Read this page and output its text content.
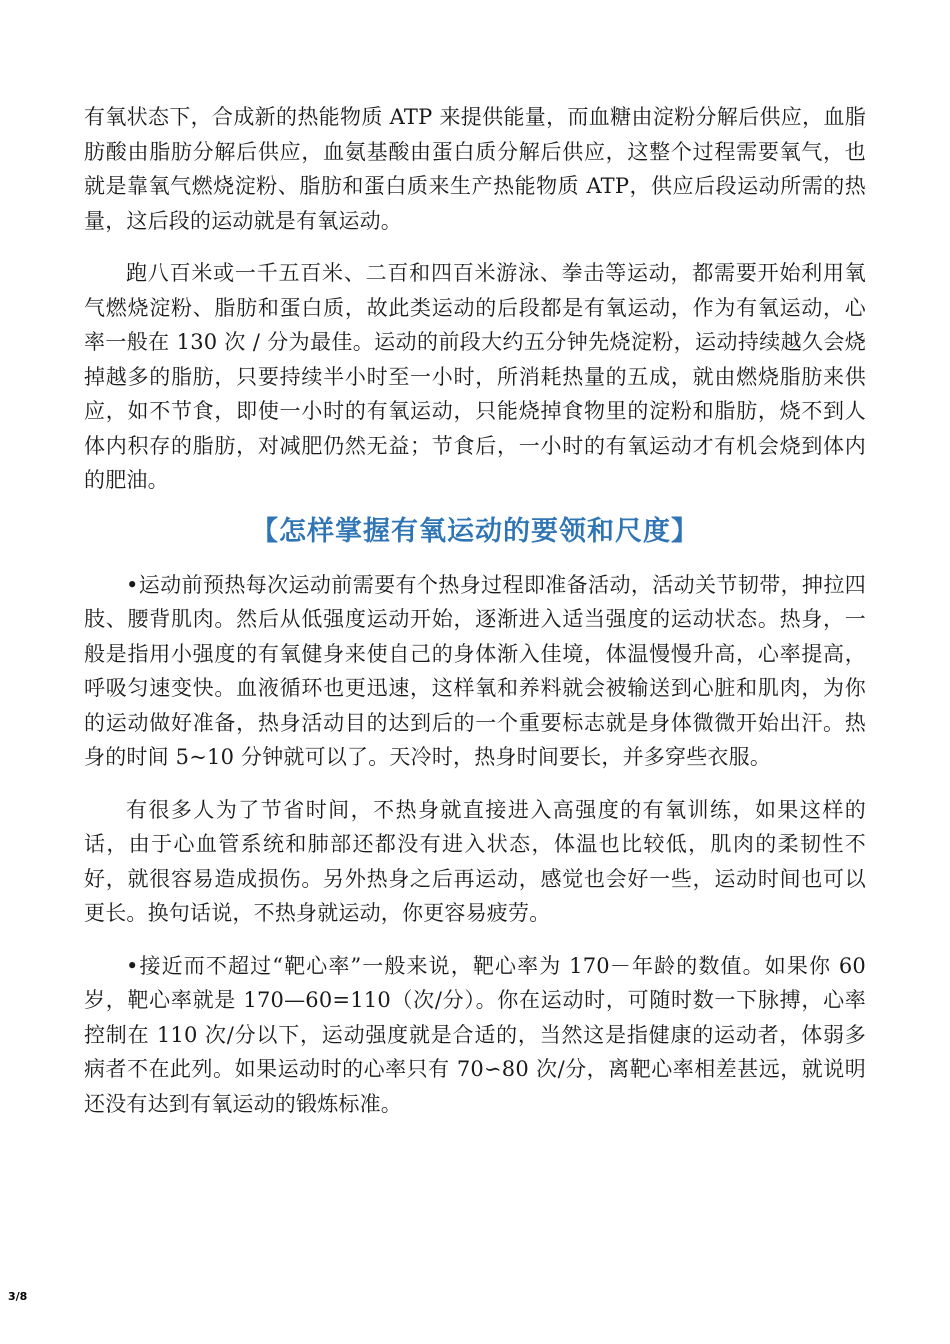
有氧状态下，合成新的热能物质 ATP 来提供能量，而血糖由淀粉分解后供应，血脂肪酸由脂肪分解后供应，血氨基酸由蛋白质分解后供应，这整个过程需要氧气，也就是靠氧气燃烧淀粉、脂肪和蛋白质来生产热能物质 ATP，供应后段运动所需的热量，这后段的运动就是有氧运动。

跑八百米或一千五百米、二百和四百米游泳、拳击等运动，都需要开始利用氧气燃烧淀粉、脂肪和蛋白质，故此类运动的后段都是有氧运动，作为有氧运动，心率一般在 130 次 / 分为最佳。运动的前段大约五分钟先烧淀粉，运动持续越久会烧掉越多的脂肪，只要持续半小时至一小时，所消耗热量的五成，就由燃烧脂肪来供应，如不节食，即使一小时的有氧运动，只能烧掉食物里的淀粉和脂肪，烧不到人体内积存的脂肪，对减肥仍然无益；节食后，一小时的有氧运动才有机会烧到体内的肥油。

【怎样掌握有氧运动的要领和尺度】

•运动前预热每次运动前需要有个热身过程即准备活动，活动关节韧带，抻拉四肢、腰背肌肉。然后从低强度运动开始，逐渐进入适当强度的运动状态。热身，一般是指用小强度的有氧健身来使自己的身体渐入佳境，体温慢慢升高，心率提高，呼吸匀速变快。血液循环也更迅速，这样氧和养料就会被输送到心脏和肌肉，为你的运动做好准备，热身活动目的达到后的一个重要标志就是身体微微开始出汗。热身的时间 5~10 分钟就可以了。天冷时，热身时间要长，并多穿些衣服。

有很多人为了节省时间，不热身就直接进入高强度的有氧训练，如果这样的话，由于心血管系统和肺部还都没有进入状态，体温也比较低，肌肉的柔韧性不好，就很容易造成损伤。另外热身之后再运动，感觉也会好一些，运动时间也可以更长。换句话说，不热身就运动，你更容易疲劳。

•接近而不超过“靶心率”一般来说，靶心率为 170－年龄的数值。如果你 60 岁，靶心率就是 170—60=110（次/分）。你在运动时，可随时数一下脉搏，心率控制在 110 次/分以下，运动强度就是合适的，当然这是指健康的运动者，体弱多病者不在此列。如果运动时的心率只有 70∽80 次/分，离靶心率相差甚远，就说明还没有达到有氧运动的锻炼标准。

3/8
